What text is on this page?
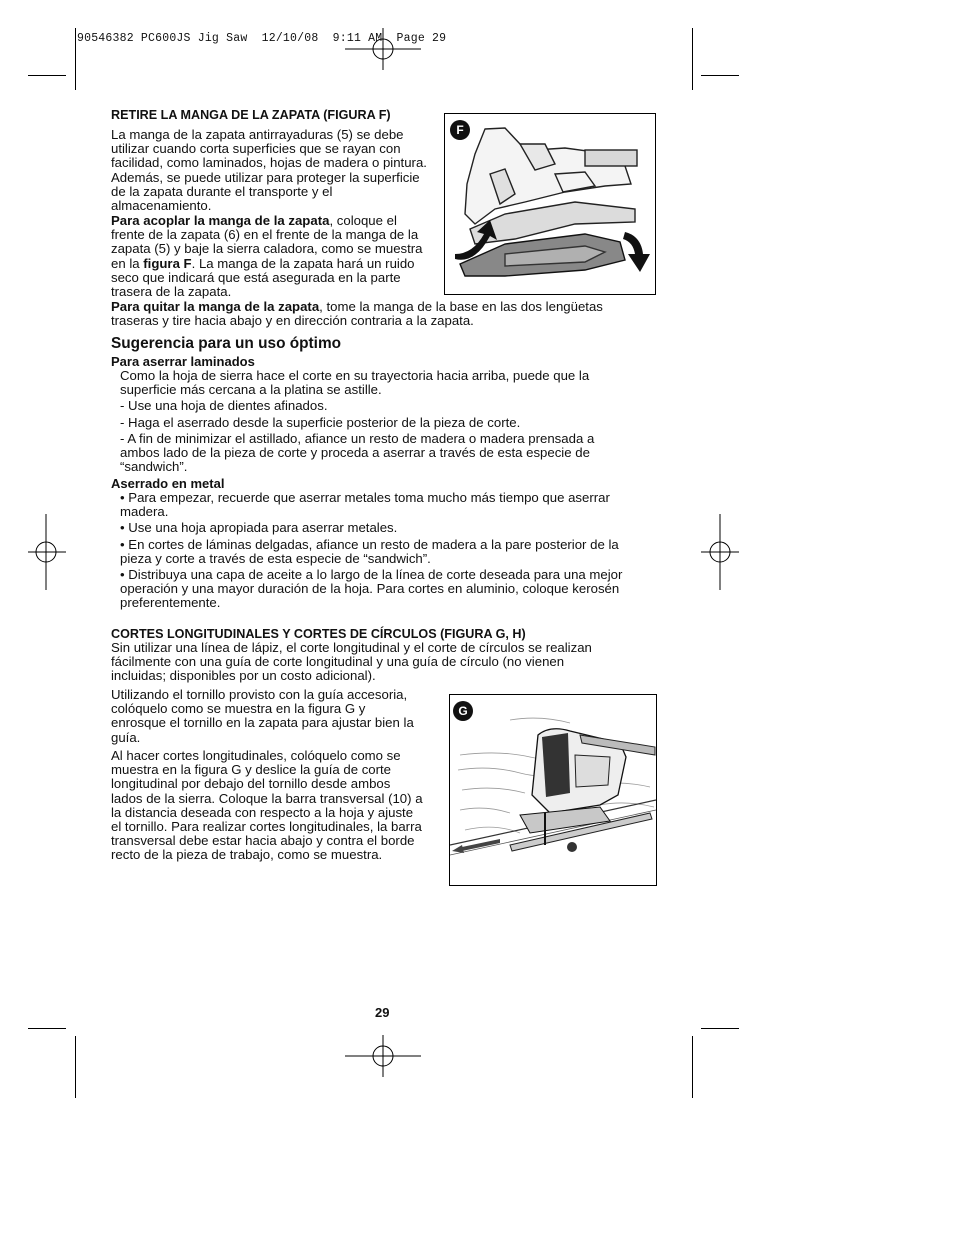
90546382 PC600JS Jig Saw  12/10/08  9:11 AM  Page 29
RETIRE LA MANGA DE LA ZAPATA (FIGURA F)

La manga de la zapata antirrayaduras (5) se debe

utilizar cuando corta superficies que se rayan con

facilidad, como laminados, hojas de madera o pintura.

Además, se puede utilizar para proteger la superficie

de la zapata durante el transporte y el

almacenamiento.

Para acoplar la manga de la zapata, coloque el

frente de la zapata (6) en el frente de la manga de la

zapata (5) y baje la sierra caladora, como se muestra

en la figura F. La manga de la zapata hará un ruido

seco que indicará que está asegurada en la parte

trasera de la zapata.

Para quitar la manga de la zapata, tome la manga de la base en las dos lengüetas

traseras y tire hacia abajo y en dirección contraria a la zapata.

F
Sugerencia para un uso óptimo
Para aserrar laminados

Como la hoja de sierra hace el corte en su trayectoria hacia arriba, puede que la

superficie más cercana a la platina se astille.

- Use una hoja de dientes afinados.

- Haga el aserrado desde la superficie posterior de la pieza de corte.

- A fin de minimizar el astillado, afiance un resto de madera o madera prensada a

ambos lado de la pieza de corte y proceda a aserrar a través de esta especie de

“sandwich”.

Aserrado en metal

• Para empezar, recuerde que aserrar metales toma mucho más tiempo que aserrar

madera.

• Use una hoja apropiada para aserrar metales.

• En cortes de láminas delgadas, afiance un resto de madera a la pare posterior de la

pieza y corte a través de esta especie de “sandwich”.

• Distribuya una capa de aceite a lo largo de la línea de corte deseada para una mejor

operación y una mayor duración de la hoja. Para cortes en aluminio, coloque kerosén

preferentemente.

CORTES LONGITUDINALES Y CORTES DE CÍRCULOS (FIGURA G, H)

Sin utilizar una línea de lápiz, el corte longitudinal y el corte de círculos se realizan

fácilmente con una guía de corte longitudinal y una guía de círculo (no vienen

incluidas; disponibles por un costo adicional).

Utilizando el tornillo provisto con la guía accesoria,

colóquelo como se muestra en la figura G y

enrosque el tornillo en la zapata para ajustar bien la

guía.

Al hacer cortes longitudinales, colóquelo como se

muestra en la figura G y deslice la guía de corte

longitudinal por debajo del tornillo desde ambos

lados de la sierra. Coloque la barra transversal (10) a

la distancia deseada con respecto a la hoja y ajuste

el tornillo. Para realizar cortes longitudinales, la barra

transversal debe estar hacia abajo y contra el borde

recto de la pieza de trabajo, como se muestra.

G
29
